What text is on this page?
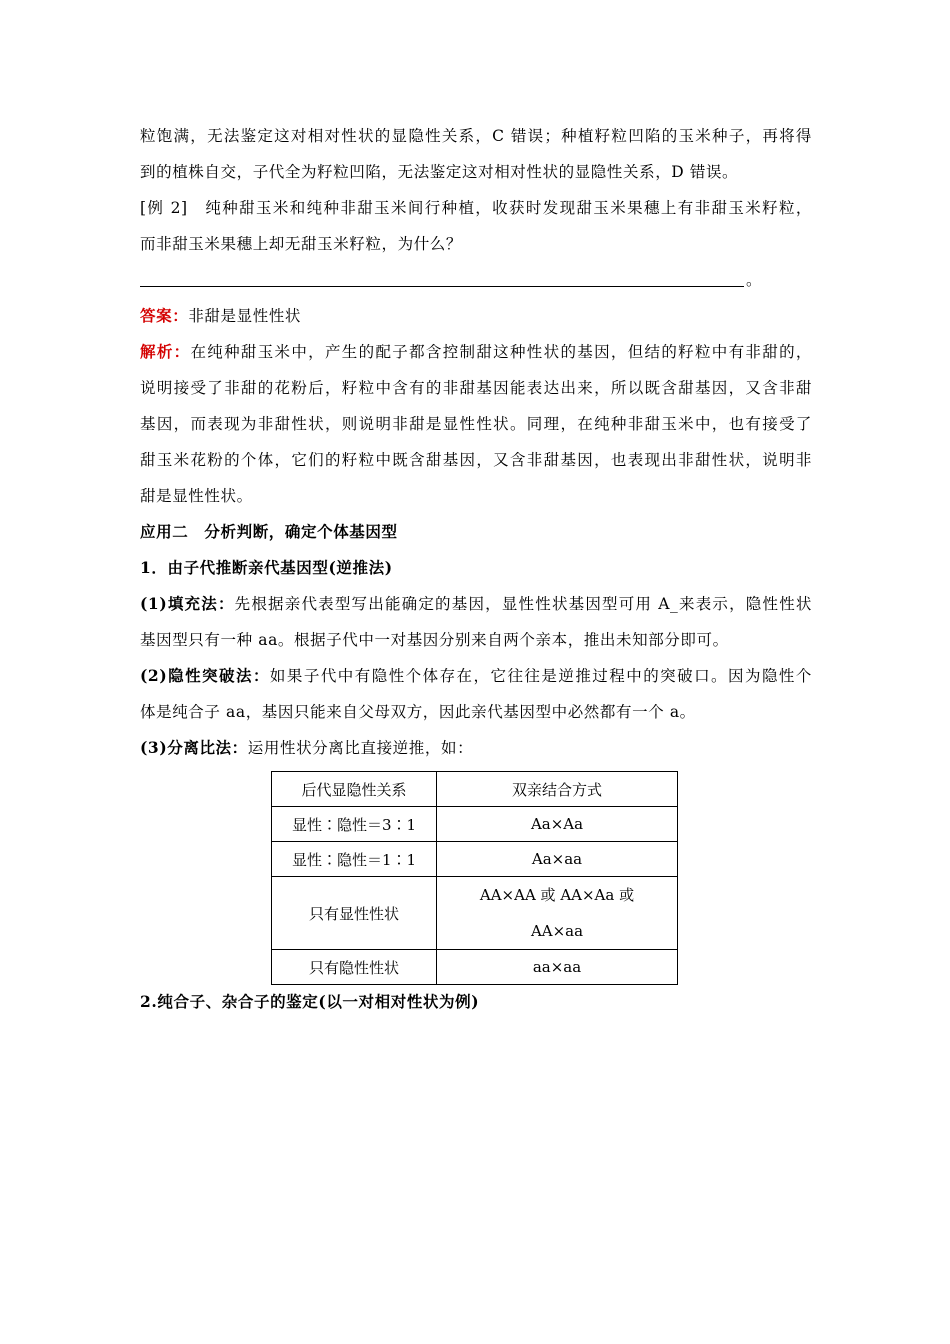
粒饱满，无法鉴定这对相对性状的显隐性关系，C 错误；种植籽粒凹陷的玉米种子，再将得
到的植株自交，子代全为籽粒凹陷，无法鉴定这对相对性状的显隐性关系，D 错误。
[例 2]　纯种甜玉米和纯种非甜玉米间行种植，收获时发现甜玉米果穗上有非甜玉米籽粒，
而非甜玉米果穗上却无甜玉米籽粒，为什么？
。
答案：非甜是显性性状
解析：在纯种甜玉米中，产生的配子都含控制甜这种性状的基因，但结的籽粒中有非甜的，
说明接受了非甜的花粉后，籽粒中含有的非甜基因能表达出来，所以既含甜基因，又含非甜
基因，而表现为非甜性状，则说明非甜是显性性状。同理，在纯种非甜玉米中，也有接受了
甜玉米花粉的个体，它们的籽粒中既含甜基因，又含非甜基因，也表现出非甜性状，说明非
甜是显性性状。
应用二　分析判断，确定个体基因型
1．由子代推断亲代基因型(逆推法)
(1)填充法：先根据亲代表型写出能确定的基因，显性性状基因型可用 A_来表示，隐性性状
基因型只有一种 aa。根据子代中一对基因分别来自两个亲本，推出未知部分即可。
(2)隐性突破法：如果子代中有隐性个体存在，它往往是逆推过程中的突破口。因为隐性个
体是纯合子 aa，基因只能来自父母双方，因此亲代基因型中必然都有一个 a。
(3)分离比法：运用性状分离比直接逆推，如：
后代显隐性关系	双亲结合方式
显性∶隐性＝3∶1	Aa×Aa
显性∶隐性＝1∶1	Aa×aa
只有显性性状	AA×AA 或 AA×Aa 或
AA×aa

只有隐性性状	aa×aa
2.纯合子、杂合子的鉴定(以一对相对性状为例)
